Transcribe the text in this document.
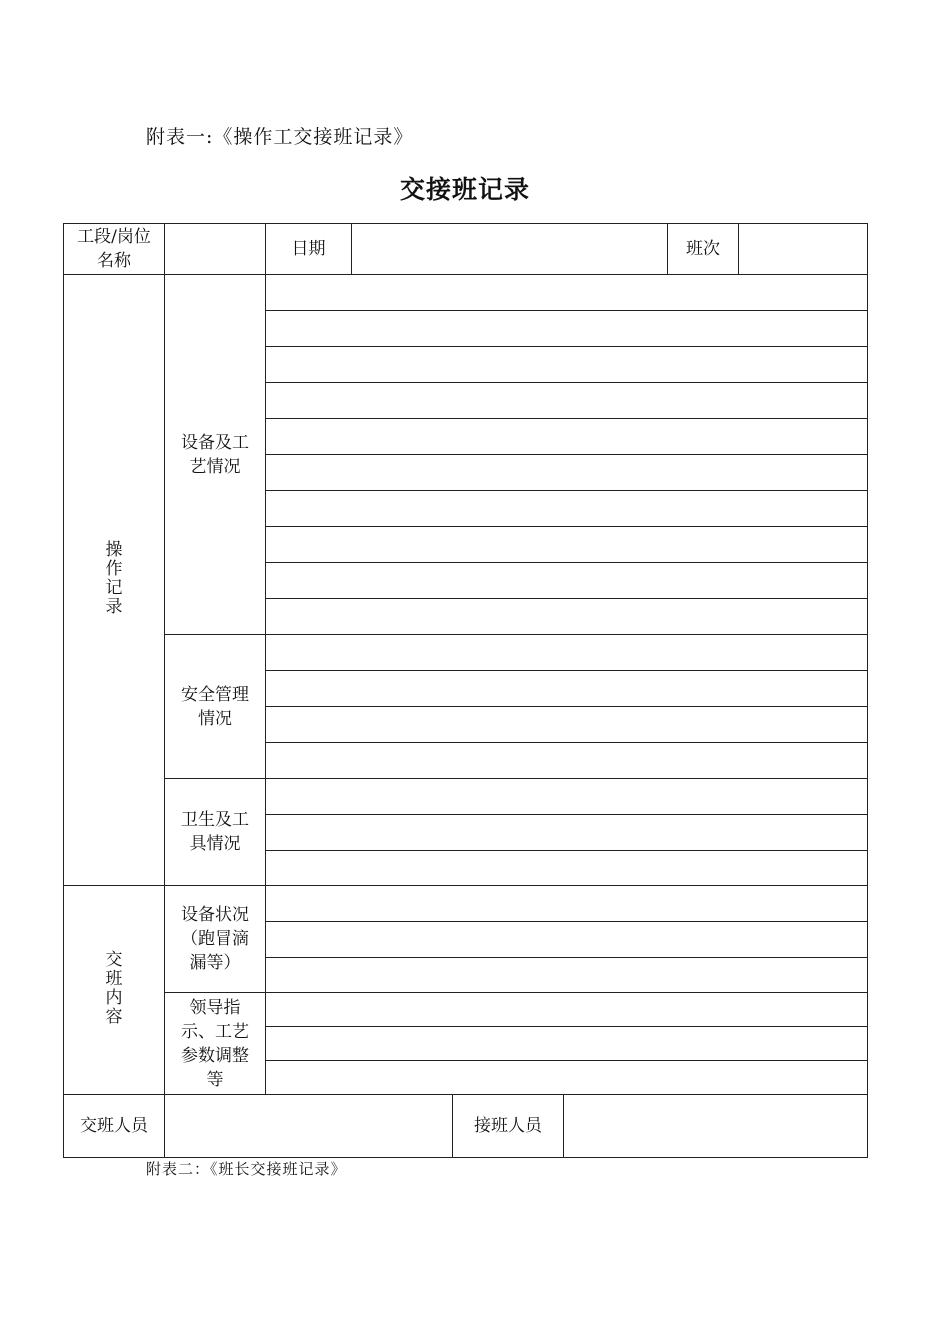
附表一:《操作工交接班记录》
交接班记录
工段/岗位名称		日期				班次	
操作记录	设备及工艺情况						

	安全管理情况						

	卫生及工具情况						

交班内容	设备状况（跑冒滴漏等）						

	领导指示、工艺参数调整等						

交班人员				接班人员			
附表二：《班长交接班记录》
